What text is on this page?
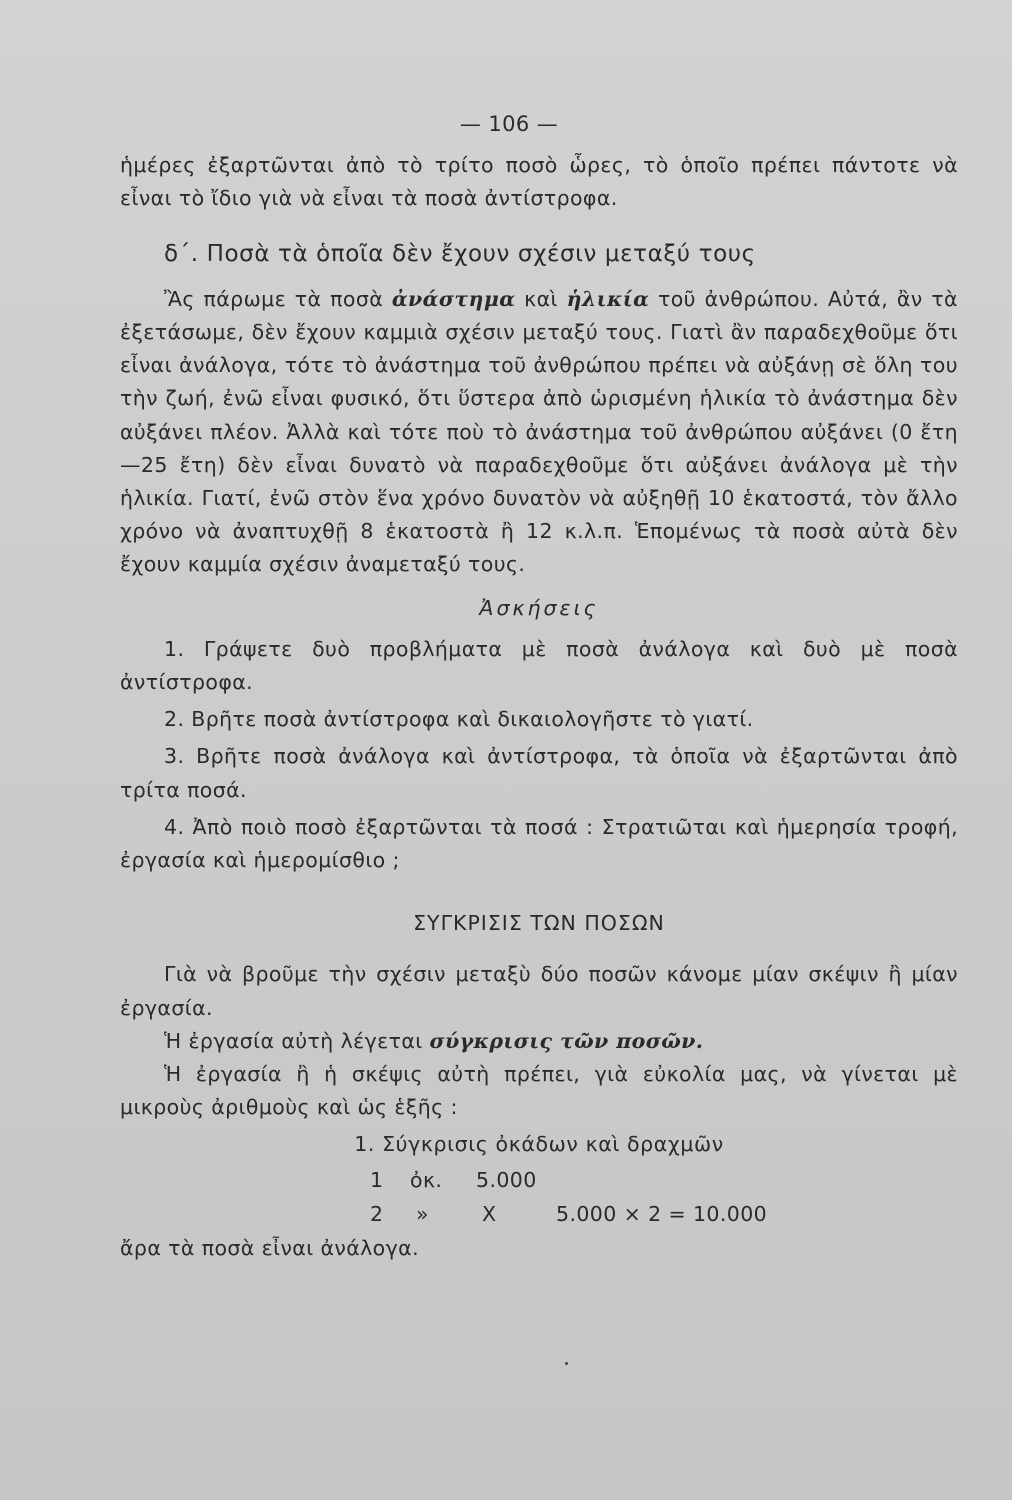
— 106 —

ἡμέρες ἐξαρτῶνται ἀπὸ τὸ τρίτο ποσὸ ὧρες, τὸ ὁποῖο πρέπει πάντοτε νὰ εἶναι τὸ ἴδιο γιὰ νὰ εἶναι τὰ ποσὰ ἀντίστροφα.

δ΄. Ποσὰ τὰ ὁποῖα δὲν ἔχουν σχέσιν μεταξύ τους

Ἂς πάρωμε τὰ ποσὰ ἀνάστημα καὶ ἡλικία τοῦ ἀνθρώπου. Αὐτά, ἂν τὰ ἐξετάσωμε, δὲν ἔχουν καμμιὰ σχέσιν μεταξύ τους. Γιατὶ ἂν παραδεχθοῦμε ὅτι εἶναι ἀνάλογα, τότε τὸ ἀνάστημα τοῦ ἀνθρώπου πρέπει νὰ αὐξάνῃ σὲ ὅλη του τὴν ζωή, ἐνῶ εἶναι φυσικό, ὅτι ὕστερα ἀπὸ ὡρισμένη ἡλικία τὸ ἀνάστημα δὲν αὐξάνει πλέον. Ἀλλὰ καὶ τότε ποὺ τὸ ἀνάστημα τοῦ ἀνθρώπου αὐξάνει (0 ἔτη—25 ἔτη) δὲν εἶναι δυνατὸ νὰ παραδεχθοῦμε ὅτι αὐξάνει ἀνάλογα μὲ τὴν ἡλικία. Γιατί, ἐνῶ στὸν ἕνα χρόνο δυνατὸν νὰ αὐξηθῇ 10 ἑκατοστά, τὸν ἄλλο χρόνο νὰ ἀναπτυχθῇ 8 ἑκατοστὰ ἢ 12 κ.λ.π. Ἑπομένως τὰ ποσὰ αὐτὰ δὲν ἔχουν καμμία σχέσιν ἀναμεταξύ τους.

Ἀσκήσεις

1. Γράψετε δυὸ προβλήματα μὲ ποσὰ ἀνάλογα καὶ δυὸ μὲ ποσὰ ἀντίστροφα.

2. Βρῆτε ποσὰ ἀντίστροφα καὶ δικαιολογῆστε τὸ γιατί.

3. Βρῆτε ποσὰ ἀνάλογα καὶ ἀντίστροφα, τὰ ὁποῖα νὰ ἐξαρτῶνται ἀπὸ τρίτα ποσά.

4. Ἀπὸ ποιὸ ποσὸ ἐξαρτῶνται τὰ ποσά : Στρατιῶται καὶ ἡμερησία τροφή, ἐργασία καὶ ἡμερομίσθιο ;

ΣΥΓΚΡΙΣΙΣ ΤΩΝ ΠΟΣΩΝ

Γιὰ νὰ βροῦμε τὴν σχέσιν μεταξὺ δύο ποσῶν κάνομε μίαν σκέψιν ἢ μίαν ἐργασία.

Ἡ ἐργασία αὐτὴ λέγεται σύγκρισις τῶν ποσῶν.

Ἡ ἐργασία ἢ ἡ σκέψις αὐτὴ πρέπει, γιὰ εὐκολία μας, νὰ γίνεται μὲ μικροὺς ἀριθμοὺς καὶ ὡς ἑξῆς :

1. Σύγκρισις ὀκάδων καὶ δραχμῶν
1 ὀκ. 5.000
2 »	X	5.000 ⨯ 2 = 10.000

ἄρα τὰ ποσὰ εἶναι ἀνάλογα.
